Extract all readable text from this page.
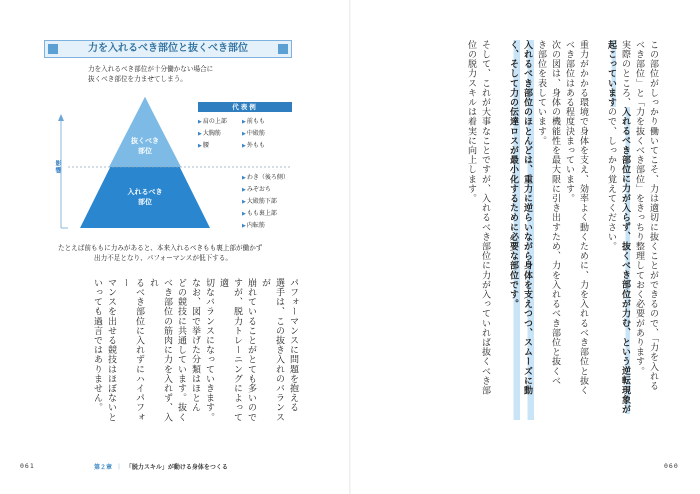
力を入れるべき部位と抜くべき部位
力を入れるべき部位が十分働かない場合に
抜くべき部位を力ませてしまう。
影響
抜くべき
部位
入れるべき
部位
代表例
▶肩の上部	▶前もも
▶大胸筋	▶中殿筋
▶腰	▶外もも
▶わき（後ろ側）
▶みぞおち
▶大殿筋下部
▶もも裏上部
▶内転筋
たとえば前ももに力みがあると、本来入れるべきもも裏上部が働かず
出力不足となり、パフォーマンスが低下する。

パフォーマンスに問題を抱える

選手は、この抜き入れのバランスが

崩れていることがとても多いので

すが、脱力トレーニングによって適

切なバランスになっていきます。

なお、図で挙げた分類はほとん

どの競技に共通しています。抜く

べき部位の筋肉に力を入れず、入れ

るべき部位に入れずにハイパフォー

マンスを出せる競技はほぼないと

いっても過言ではありません。	この部位がしっかり働いてこそ、力は適切に抜くことができるので、「力を入れる

べき部位」と「力を抜くべき部位」をきっちり整理しておく必要があります。

実際のところ、入れるべき部位に力が入らず、抜くべき部位が力む、という逆転現象が起こっていますので、しっかり覚えてください。

重力がかかる環境で身体を支え、効率よく動くために、力を入れるべき部位と抜く

べき部位はある程度決まっています。

次の図は、身体の機能性を最大限に引き出すため、力を入れるべき部位と抜くべ

き部位を表しています。

入れるべき部位のほとんどは、重力に逆らいながら身体を支えつつ、スムーズに動

く、そして力の伝達ロスが最小化するために必要な部位です。

そして、これが大事なことですが、入れるべき部位に力が入っていれば抜くべき部

位の脱力スキルは着実に向上します。

061	第２章 ｜ 「脱力スキル」が動ける身体をつくる	060
